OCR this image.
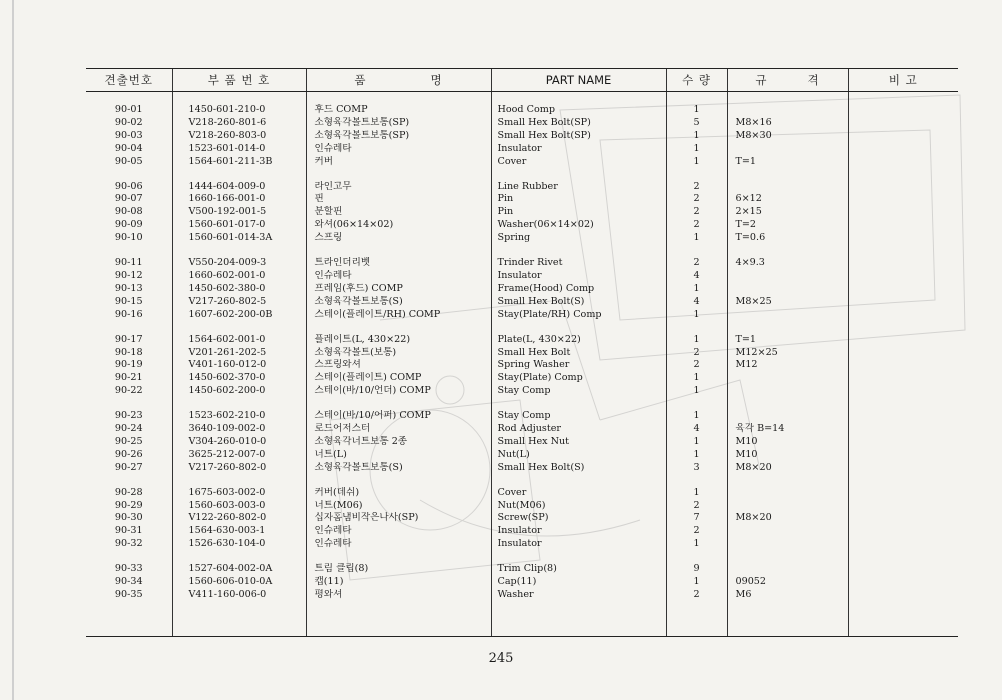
견출번호	부 품 번 호	품 명	PART NAME	수 량	규 격	비 고

90-01	1450-601-210-0	후드 COMP	Hood Comp	1		
90-02	V218-260-801-6	소형육각볼트보통(SP)	Small Hex Bolt(SP)	5	M8×16	
90-03	V218-260-803-0	소형육각볼트보통(SP)	Small Hex Bolt(SP)	1	M8×30	
90-04	1523-601-014-0	인슈레타	Insulator	1		
90-05	1564-601-211-3B	커버	Cover	1	T=1	

90-06	1444-604-009-0	라인고무	Line Rubber	2		
90-07	1660-166-001-0	핀	Pin	2	6×12	
90-08	V500-192-001-5	분할핀	Pin	2	2×15	
90-09	1560-601-017-0	와셔(06×14×02)	Washer(06×14×02)	2	T=2	
90-10	1560-601-014-3A	스프링	Spring	1	T=0.6	

90-11	V550-204-009-3	트라인더리벳	Trinder Rivet	2	4×9.3	
90-12	1660-602-001-0	인슈레타	Insulator	4		
90-13	1450-602-380-0	프레임(후드) COMP	Frame(Hood) Comp	1		
90-15	V217-260-802-5	소형육각볼트보통(S)	Small Hex Bolt(S)	4	M8×25	
90-16	1607-602-200-0B	스테이(플레이트/RH) COMP	Stay(Plate/RH) Comp	1		

90-17	1564-602-001-0	플레이트(L, 430×22)	Plate(L, 430×22)	1	T=1	
90-18	V201-261-202-5	소형육각볼트(보통)	Small Hex Bolt	2	M12×25	
90-19	V401-160-012-0	스프링와셔	Spring Washer	2	M12	
90-21	1450-602-370-0	스테이(플레이트) COMP	Stay(Plate) Comp	1		
90-22	1450-602-200-0	스테이(바/10/언더) COMP	Stay Comp	1		

90-23	1523-602-210-0	스테이(바/10/어퍼) COMP	Stay Comp	1		
90-24	3640-109-002-0	로드어저스터	Rod Adjuster	4	육각 B=14	
90-25	V304-260-010-0	소형육각너트보통 2종	Small Hex Nut	1	M10	
90-26	3625-212-007-0	너트(L)	Nut(L)	1	M10	
90-27	V217-260-802-0	소형육각볼트보통(S)	Small Hex Bolt(S)	3	M8×20	

90-28	1675-603-002-0	커버(데쉬)	Cover	1		
90-29	1560-603-003-0	너트(M06)	Nut(M06)	2		
90-30	V122-260-802-0	십자홈냄비작은나사(SP)	Screw(SP)	7	M8×20	
90-31	1564-630-003-1	인슈레타	Insulator	2		
90-32	1526-630-104-0	인슈레타	Insulator	1		

90-33	1527-604-002-0A	트림 클립(8)	Trim Clip(8)	9		
90-34	1560-606-010-0A	캡(11)	Cap(11)	1	09052	
90-35	V411-160-006-0	평와셔	Washer	2	M6	

245
